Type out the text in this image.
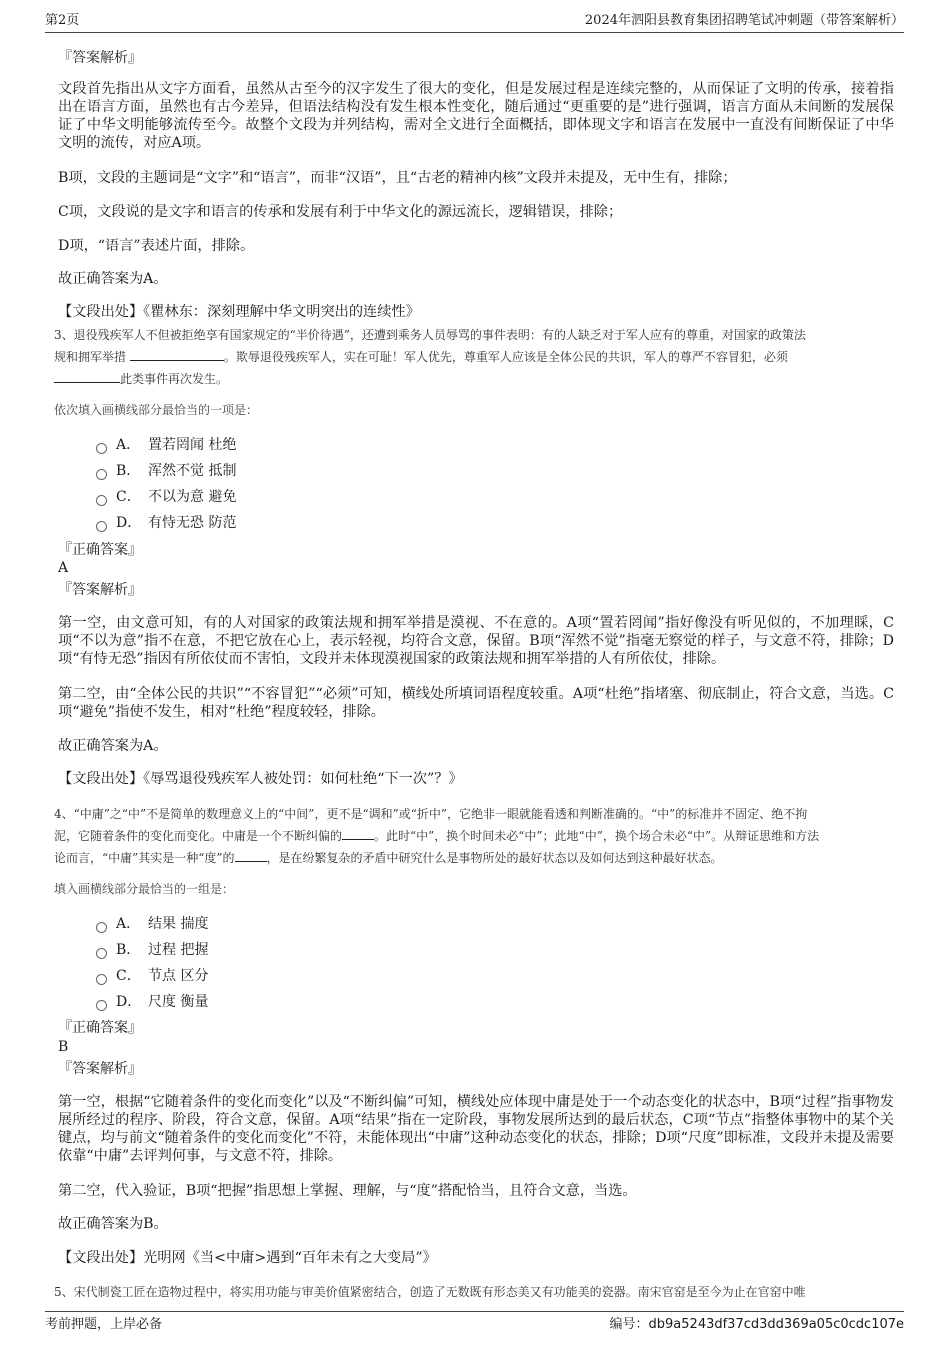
第2页	2024年泗阳县教育集团招聘笔试冲刺题（带答案解析）
『答案解析』
文段首先指出从文字方面看，虽然从古至今的汉字发生了很大的变化，但是发展过程是连续完整的，从而保证了文明的传承，接着指出在语言方面，虽然也有古今差异，但语法结构没有发生根本性变化，随后通过“更重要的是”进行强调，语言方面从未间断的发展保证了中华文明能够流传至今。故整个文段为并列结构，需对全文进行全面概括，即体现文字和语言在发展中一直没有间断保证了中华文明的流传，对应A项。
B项，文段的主题词是“文字”和“语言”，而非“汉语”，且“古老的精神内核”文段并未提及，无中生有，排除；
C项，文段说的是文字和语言的传承和发展有利于中华文化的源远流长，逻辑错误，排除；
D项，“语言”表述片面，排除。
故正确答案为A。
【文段出处】《瞿林东：深刻理解中华文明突出的连续性》
3、退役残疾军人不但被拒绝享有国家规定的“半价待遇”，还遭到乘务人员辱骂的事件表明：有的人缺乏对于军人应有的尊重，对国家的政策法
规和拥军举措	。欺辱退役残疾军人，实在可耻！军人优先，尊重军人应该是全体公民的共识，军人的尊严不容冒犯，必须
此类事件再次发生。
依次填入画横线部分最恰当的一项是：
A． 置若罔闻 杜绝
B． 浑然不觉 抵制
C． 不以为意 避免
D． 有恃无恐 防范
『正确答案』
A
『答案解析』
第一空，由文意可知，有的人对国家的政策法规和拥军举措是漠视、不在意的。A项“置若罔闻”指好像没有听见似的，不加理睬，C项“不以为意”指不在意，不把它放在心上，表示轻视，均符合文意，保留。B项“浑然不觉”指毫无察觉的样子，与文意不符，排除；D项“有恃无恐”指因有所依仗而不害怕，文段并未体现漠视国家的政策法规和拥军举措的人有所依仗，排除。
第二空，由“全体公民的共识”“不容冒犯”“必须”可知，横线处所填词语程度较重。A项“杜绝”指堵塞、彻底制止，符合文意，当选。C项“避免”指使不发生，相对“杜绝”程度较轻，排除。
故正确答案为A。
【文段出处】《辱骂退役残疾军人被处罚：如何杜绝“下一次”？》
4、“中庸”之“中”不是简单的数理意义上的“中间”，更不是“调和”或“折中”，它绝非一眼就能看透和判断准确的。“中”的标准并不固定、绝不拘
泥，它随着条件的变化而变化。中庸是一个不断纠偏的	。此时“中”，换个时间未必“中”；此地“中”，换个场合未必“中”。从辩证思维和方法
论而言，“中庸”其实是一种“度”的	，是在纷繁复杂的矛盾中研究什么是事物所处的最好状态以及如何达到这种最好状态。
填入画横线部分最恰当的一组是：
A． 结果 揣度
B． 过程 把握
C． 节点 区分
D． 尺度 衡量
『正确答案』
B
『答案解析』
第一空，根据“它随着条件的变化而变化”以及“不断纠偏”可知，横线处应体现中庸是处于一个动态变化的状态中，B项“过程”指事物发展所经过的程序、阶段，符合文意，保留。A项“结果”指在一定阶段，事物发展所达到的最后状态，C项“节点”指整体事物中的某个关键点，均与前文“随着条件的变化而变化”不符，未能体现出“中庸”这种动态变化的状态，排除；D项“尺度”即标准，文段并未提及需要依靠“中庸”去评判何事，与文意不符，排除。
第二空，代入验证，B项“把握”指思想上掌握、理解，与“度”搭配恰当，且符合文意，当选。
故正确答案为B。
【文段出处】光明网《当<中庸>遇到“百年未有之大变局”》
5、宋代制瓷工匠在造物过程中，将实用功能与审美价值紧密结合，创造了无数既有形态美又有功能美的瓷器。南宋官窑是至今为止在官窑中唯
考前押题，上岸必备	编号：db9a5243df37cd3dd369a05c0cdc107e
